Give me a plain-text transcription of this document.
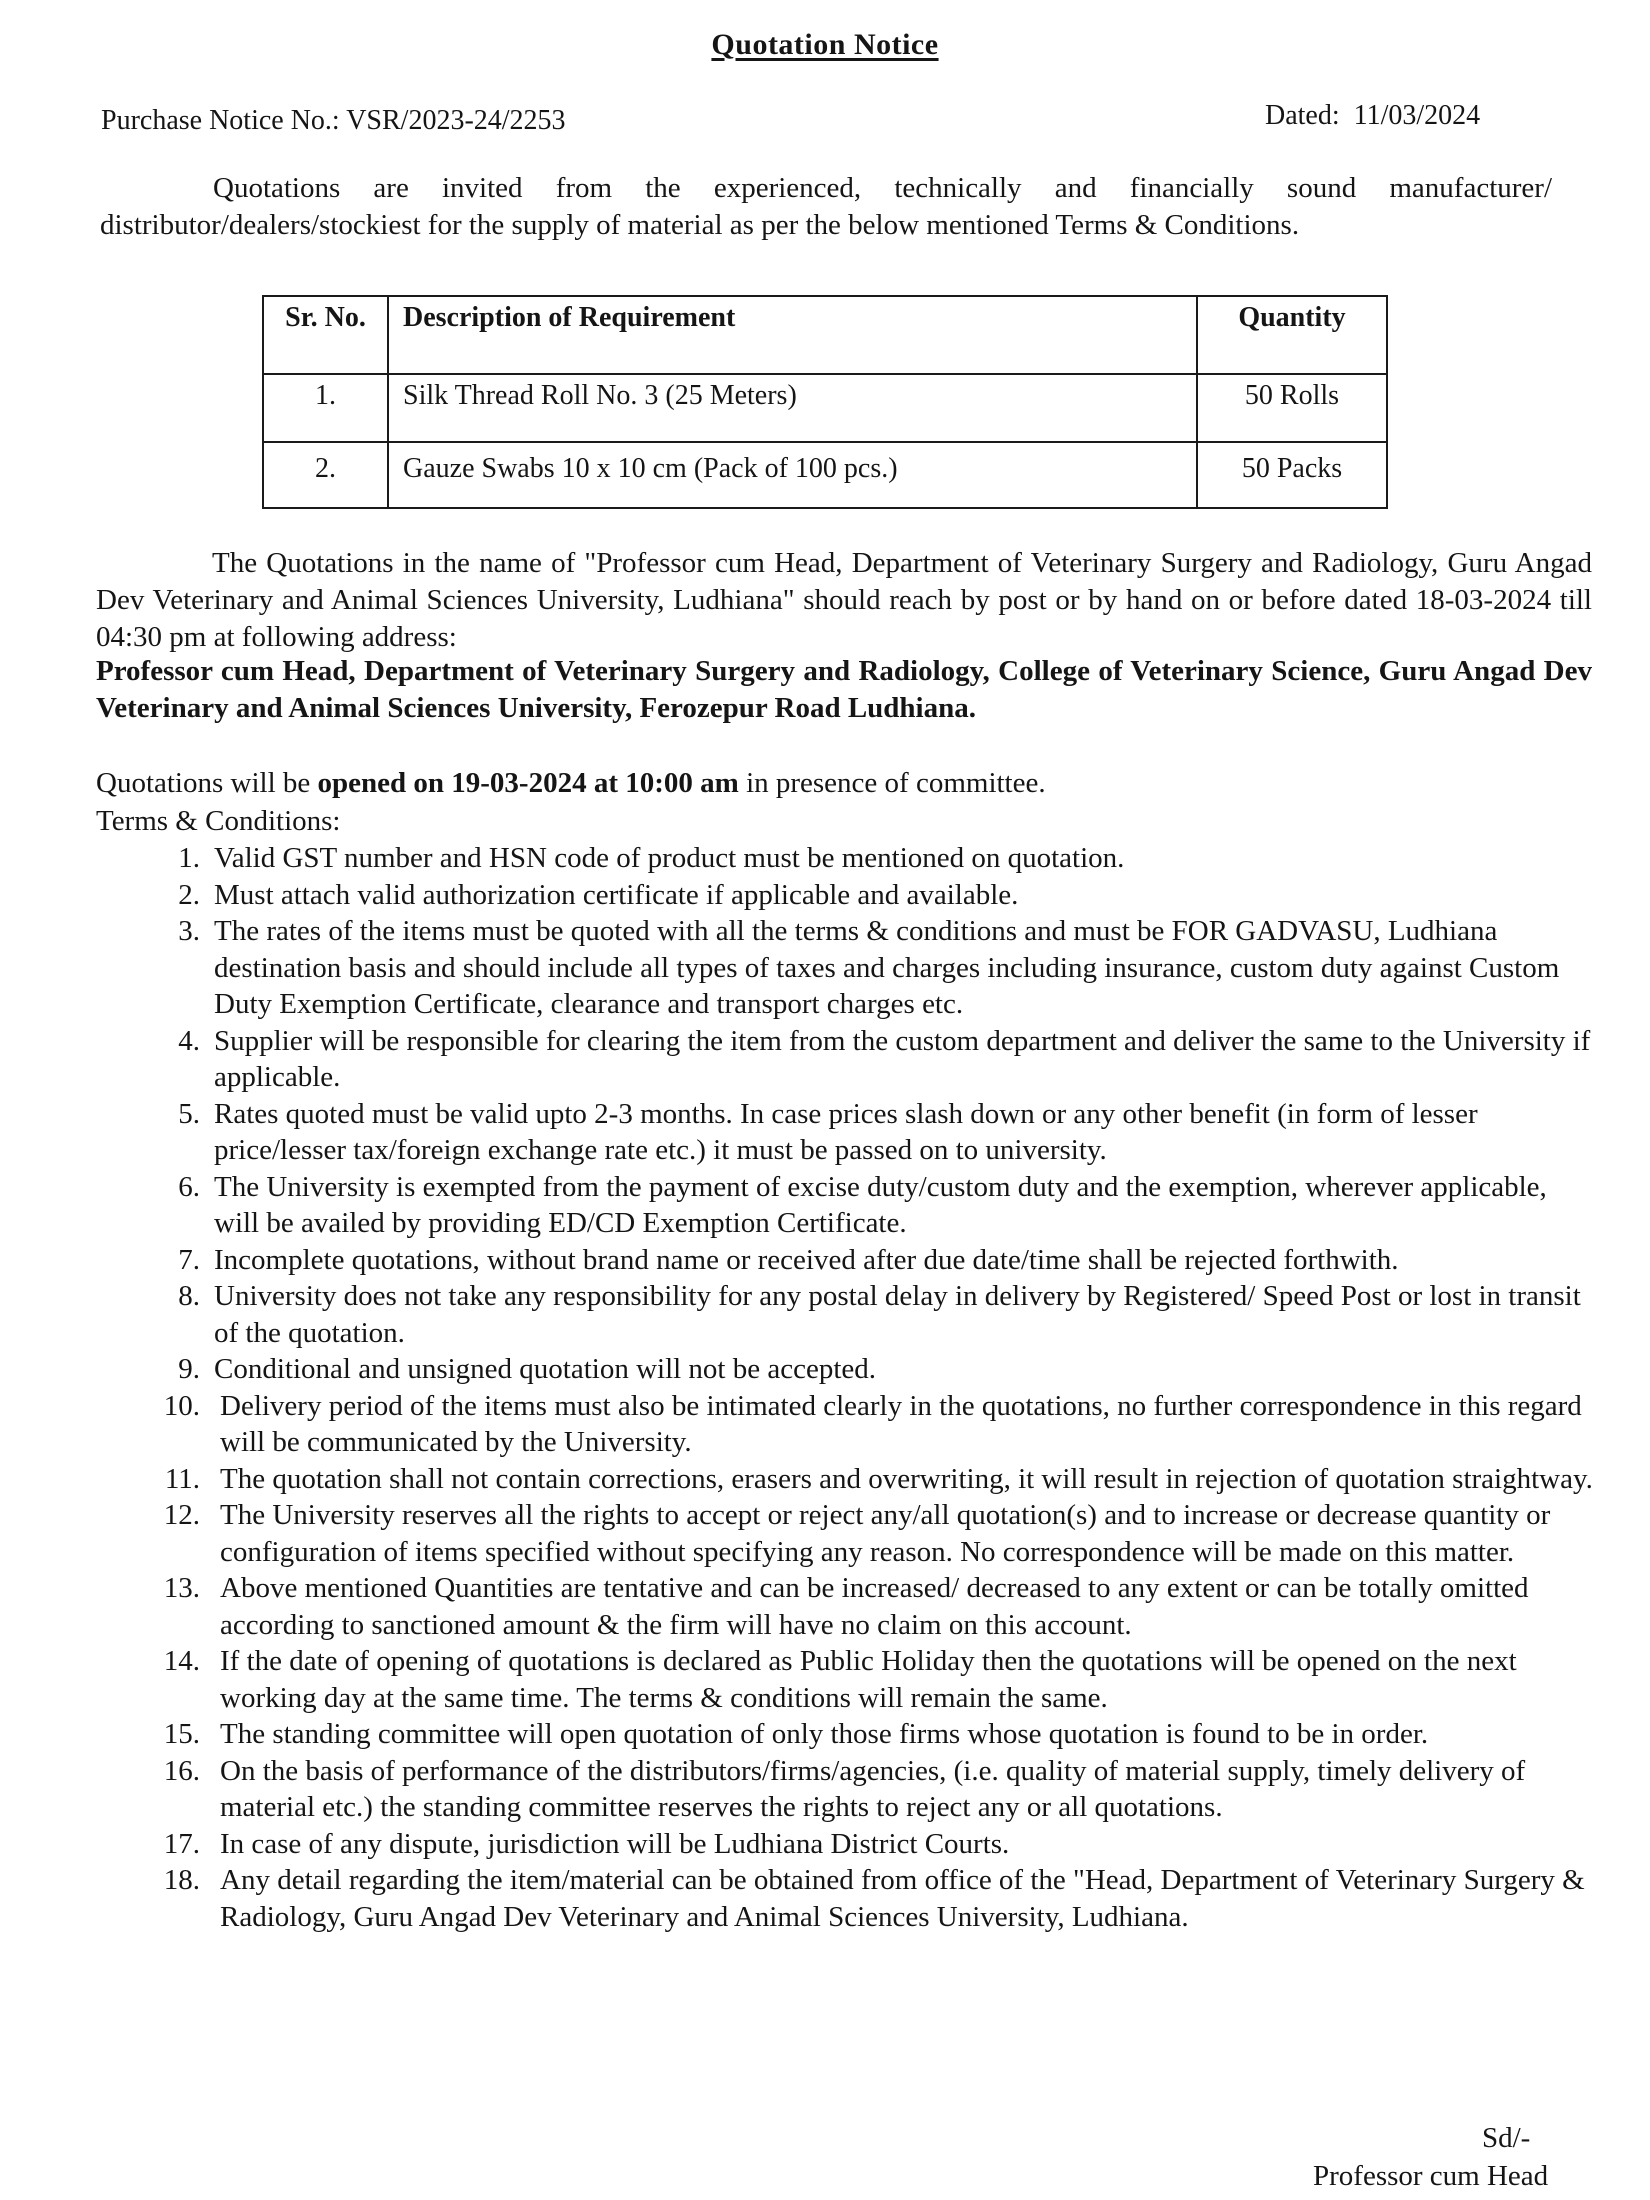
Quotation Notice
Purchase Notice No.: VSR/2023-24/2253	Dated:  11/03/2024
Quotations are invited from the experienced, technically and financially sound manufacturer/ distributor/dealers/stockiest for the supply of material as per the below mentioned Terms & Conditions.
Sr. No.	Description of Requirement	Quantity
1.	Silk Thread Roll No. 3 (25 Meters)	50 Rolls
2.	Gauze Swabs 10 x 10 cm (Pack of 100 pcs.)	50 Packs
The Quotations in the name of "Professor cum Head, Department of Veterinary Surgery and Radiology, Guru Angad Dev Veterinary and Animal Sciences University, Ludhiana" should reach by post or by hand on or before dated 18-03-2024 till 04:30 pm at following address:
Professor cum Head, Department of Veterinary Surgery and Radiology, College of Veterinary Science, Guru Angad Dev Veterinary and Animal Sciences University, Ferozepur Road Ludhiana.
Quotations will be opened on 19-03-2024 at 10:00 am in presence of committee.
Terms & Conditions:
1. Valid GST number and HSN code of product must be mentioned on quotation.
2. Must attach valid authorization certificate if applicable and available.
3. The rates of the items must be quoted with all the terms & conditions and must be FOR GADVASU, Ludhiana destination basis and should include all types of taxes and charges including insurance, custom duty against Custom Duty Exemption Certificate, clearance and transport charges etc.
4. Supplier will be responsible for clearing the item from the custom department and deliver the same to the University if applicable.
5. Rates quoted must be valid upto 2-3 months. In case prices slash down or any other benefit (in form of lesser price/lesser tax/foreign exchange rate etc.) it must be passed on to university.
6. The University is exempted from the payment of excise duty/custom duty and the exemption, wherever applicable, will be availed by providing ED/CD Exemption Certificate.
7. Incomplete quotations, without brand name or received after due date/time shall be rejected forthwith.
8. University does not take any responsibility for any postal delay in delivery by Registered/ Speed Post or lost in transit of the quotation.
9. Conditional and unsigned quotation will not be accepted.
10. Delivery period of the items must also be intimated clearly in the quotations, no further correspondence in this regard will be communicated by the University.
11. The quotation shall not contain corrections, erasers and overwriting, it will result in rejection of quotation straightway.
12. The University reserves all the rights to accept or reject any/all quotation(s) and to increase or decrease quantity or configuration of items specified without specifying any reason. No correspondence will be made on this matter.
13. Above mentioned Quantities are tentative and can be increased/ decreased to any extent or can be totally omitted according to sanctioned amount & the firm will have no claim on this account.
14. If the date of opening of quotations is declared as Public Holiday then the quotations will be opened on the next working day at the same time. The terms & conditions will remain the same.
15. The standing committee will open quotation of only those firms whose quotation is found to be in order.
16. On the basis of performance of the distributors/firms/agencies, (i.e. quality of material supply, timely delivery of material etc.) the standing committee reserves the rights to reject any or all quotations.
17. In case of any dispute, jurisdiction will be Ludhiana District Courts.
18. Any detail regarding the item/material can be obtained from office of the "Head, Department of Veterinary Surgery & Radiology, Guru Angad Dev Veterinary and Animal Sciences University, Ludhiana.
Sd/-
Professor cum Head
